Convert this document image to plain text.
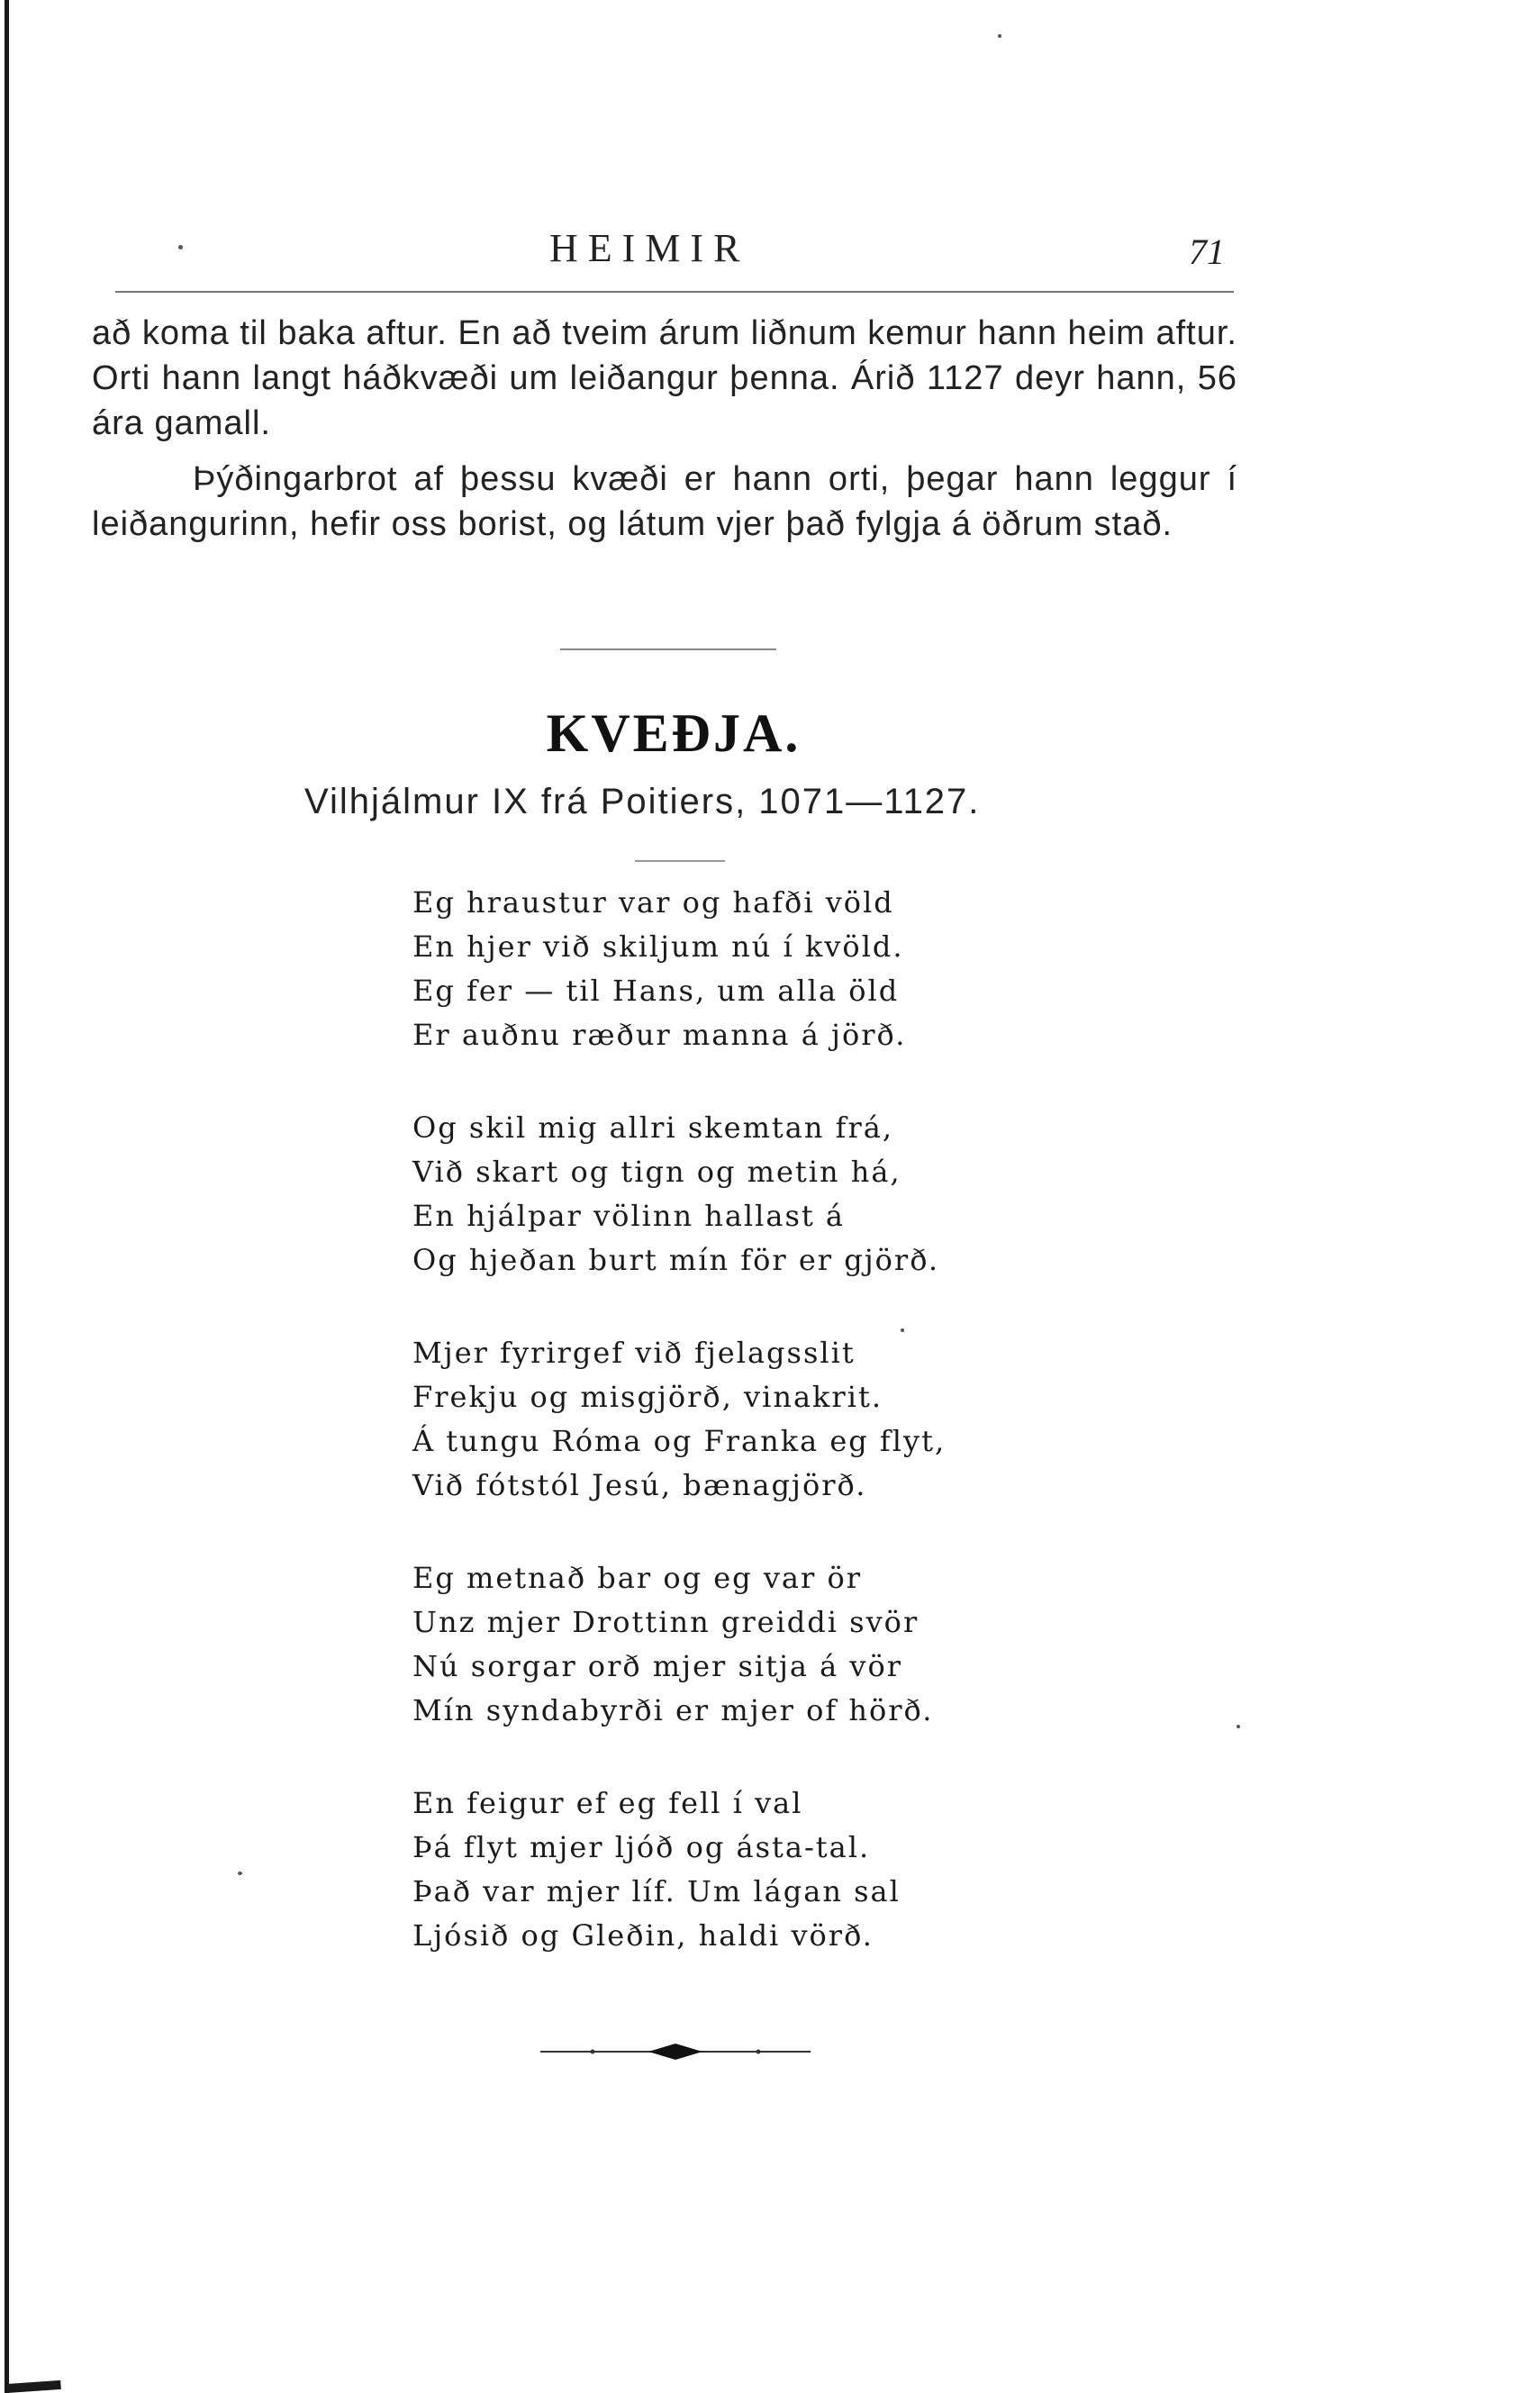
HEIMIR	71

að koma til baka aftur. En að tveim árum liðnum kemur hann heim aftur. Orti hann langt háðkvæði um leiðangur þenna. Árið 1127 deyr hann, 56 ára gamall.

Þýðingarbrot af þessu kvæði er hann orti, þegar hann leggur í leiðangurinn, hefir oss borist, og látum vjer það fylgja á öðrum stað.

KVEÐJA.
Vilhjálmur IX frá Poitiers, 1071—1127.
Eg hraustur var og hafði völd
En hjer við skiljum nú í kvöld.
Eg fer — til Hans, um alla öld
Er auðnu ræður manna á jörð.
Og skil mig allri skemtan frá,
Við skart og tign og metin há,
En hjálpar völinn hallast á
Og hjeðan burt mín för er gjörð.
Mjer fyrirgef við fjelagsslit
Frekju og misgjörð, vinakrit.
Á tungu Róma og Franka eg flyt,
Við fótstól Jesú, bænagjörð.
Eg metnað bar og eg var ör
Unz mjer Drottinn greiddi svör
Nú sorgar orð mjer sitja á vör
Mín syndabyrði er mjer of hörð.
En feigur ef eg fell í val
Þá flyt mjer ljóð og ásta-tal.
Það var mjer líf. Um lágan sal
Ljósið og Gleðin, haldi vörð.
